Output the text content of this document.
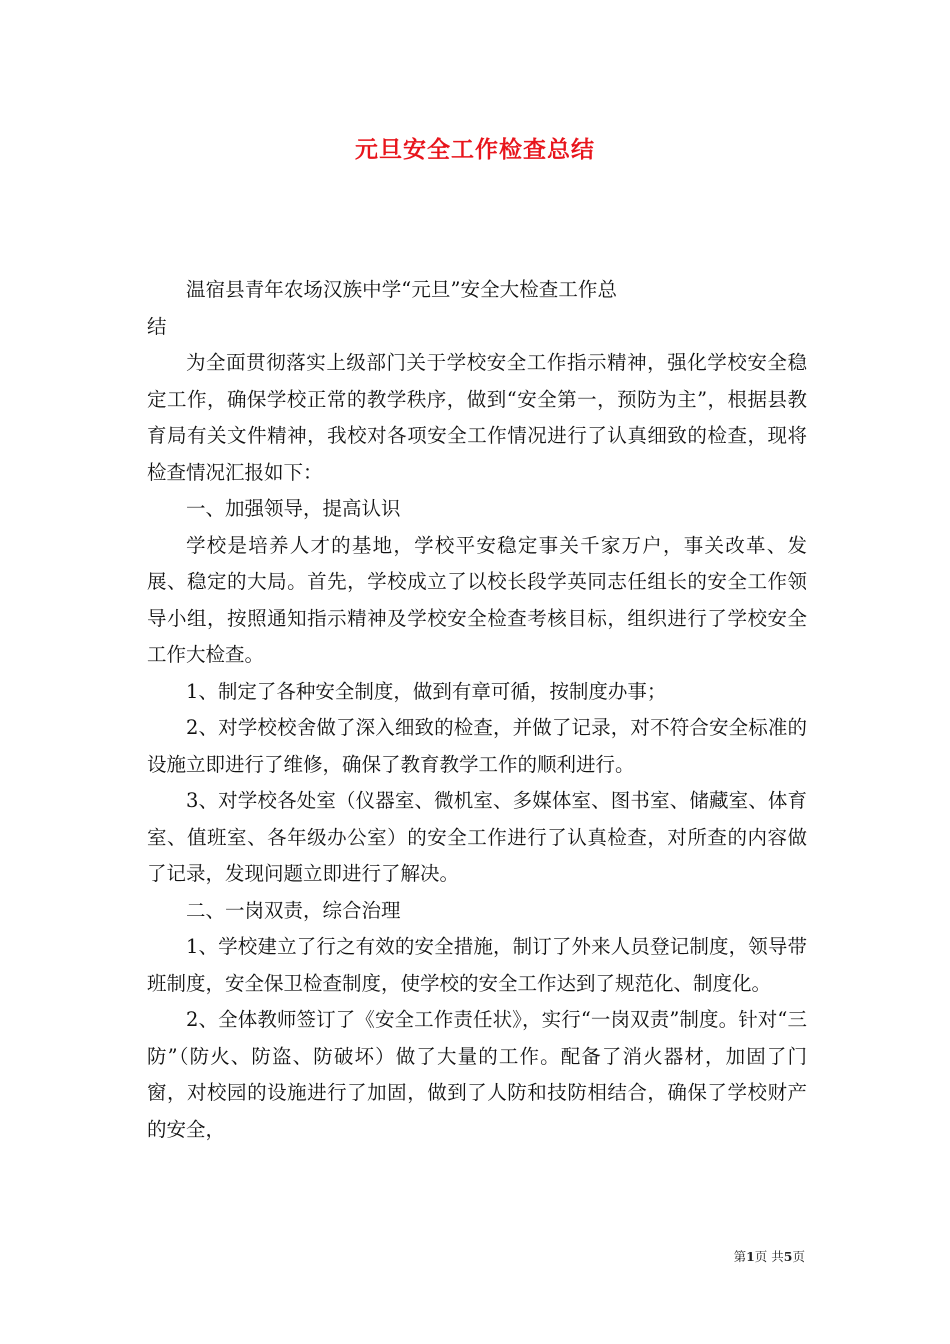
元旦安全工作检查总结

温宿县青年农场汉族中学“元旦”安全大检查工作总结

为全面贯彻落实上级部门关于学校安全工作指示精神，强化学校安全稳定工作，确保学校正常的教学秩序，做到“安全第一，预防为主”，根据县教育局有关文件精神，我校对各项安全工作情况进行了认真细致的检查，现将检查情况汇报如下：

一、加强领导，提高认识

学校是培养人才的基地，学校平安稳定事关千家万户，事关改革、发展、稳定的大局。首先，学校成立了以校长段学英同志任组长的安全工作领导小组，按照通知指示精神及学校安全检查考核目标，组织进行了学校安全工作大检查。

1、制定了各种安全制度，做到有章可循，按制度办事；

2、对学校校舍做了深入细致的检查，并做了记录，对不符合安全标准的设施立即进行了维修，确保了教育教学工作的顺利进行。

3、对学校各处室（仪器室、微机室、多媒体室、图书室、储藏室、体育室、值班室、各年级办公室）的安全工作进行了认真检查，对所查的内容做了记录，发现问题立即进行了解决。

二、一岗双责，综合治理

1、学校建立了行之有效的安全措施，制订了外来人员登记制度，领导带班制度，安全保卫检查制度，使学校的安全工作达到了规范化、制度化。

2、全体教师签订了《安全工作责任状》，实行“一岗双责”制度。针对“三防”（防火、防盗、防破坏）做了大量的工作。配备了消火器材，加固了门窗，对校园的设施进行了加固，做到了人防和技防相结合，确保了学校财产的安全，

第1页 共5页
